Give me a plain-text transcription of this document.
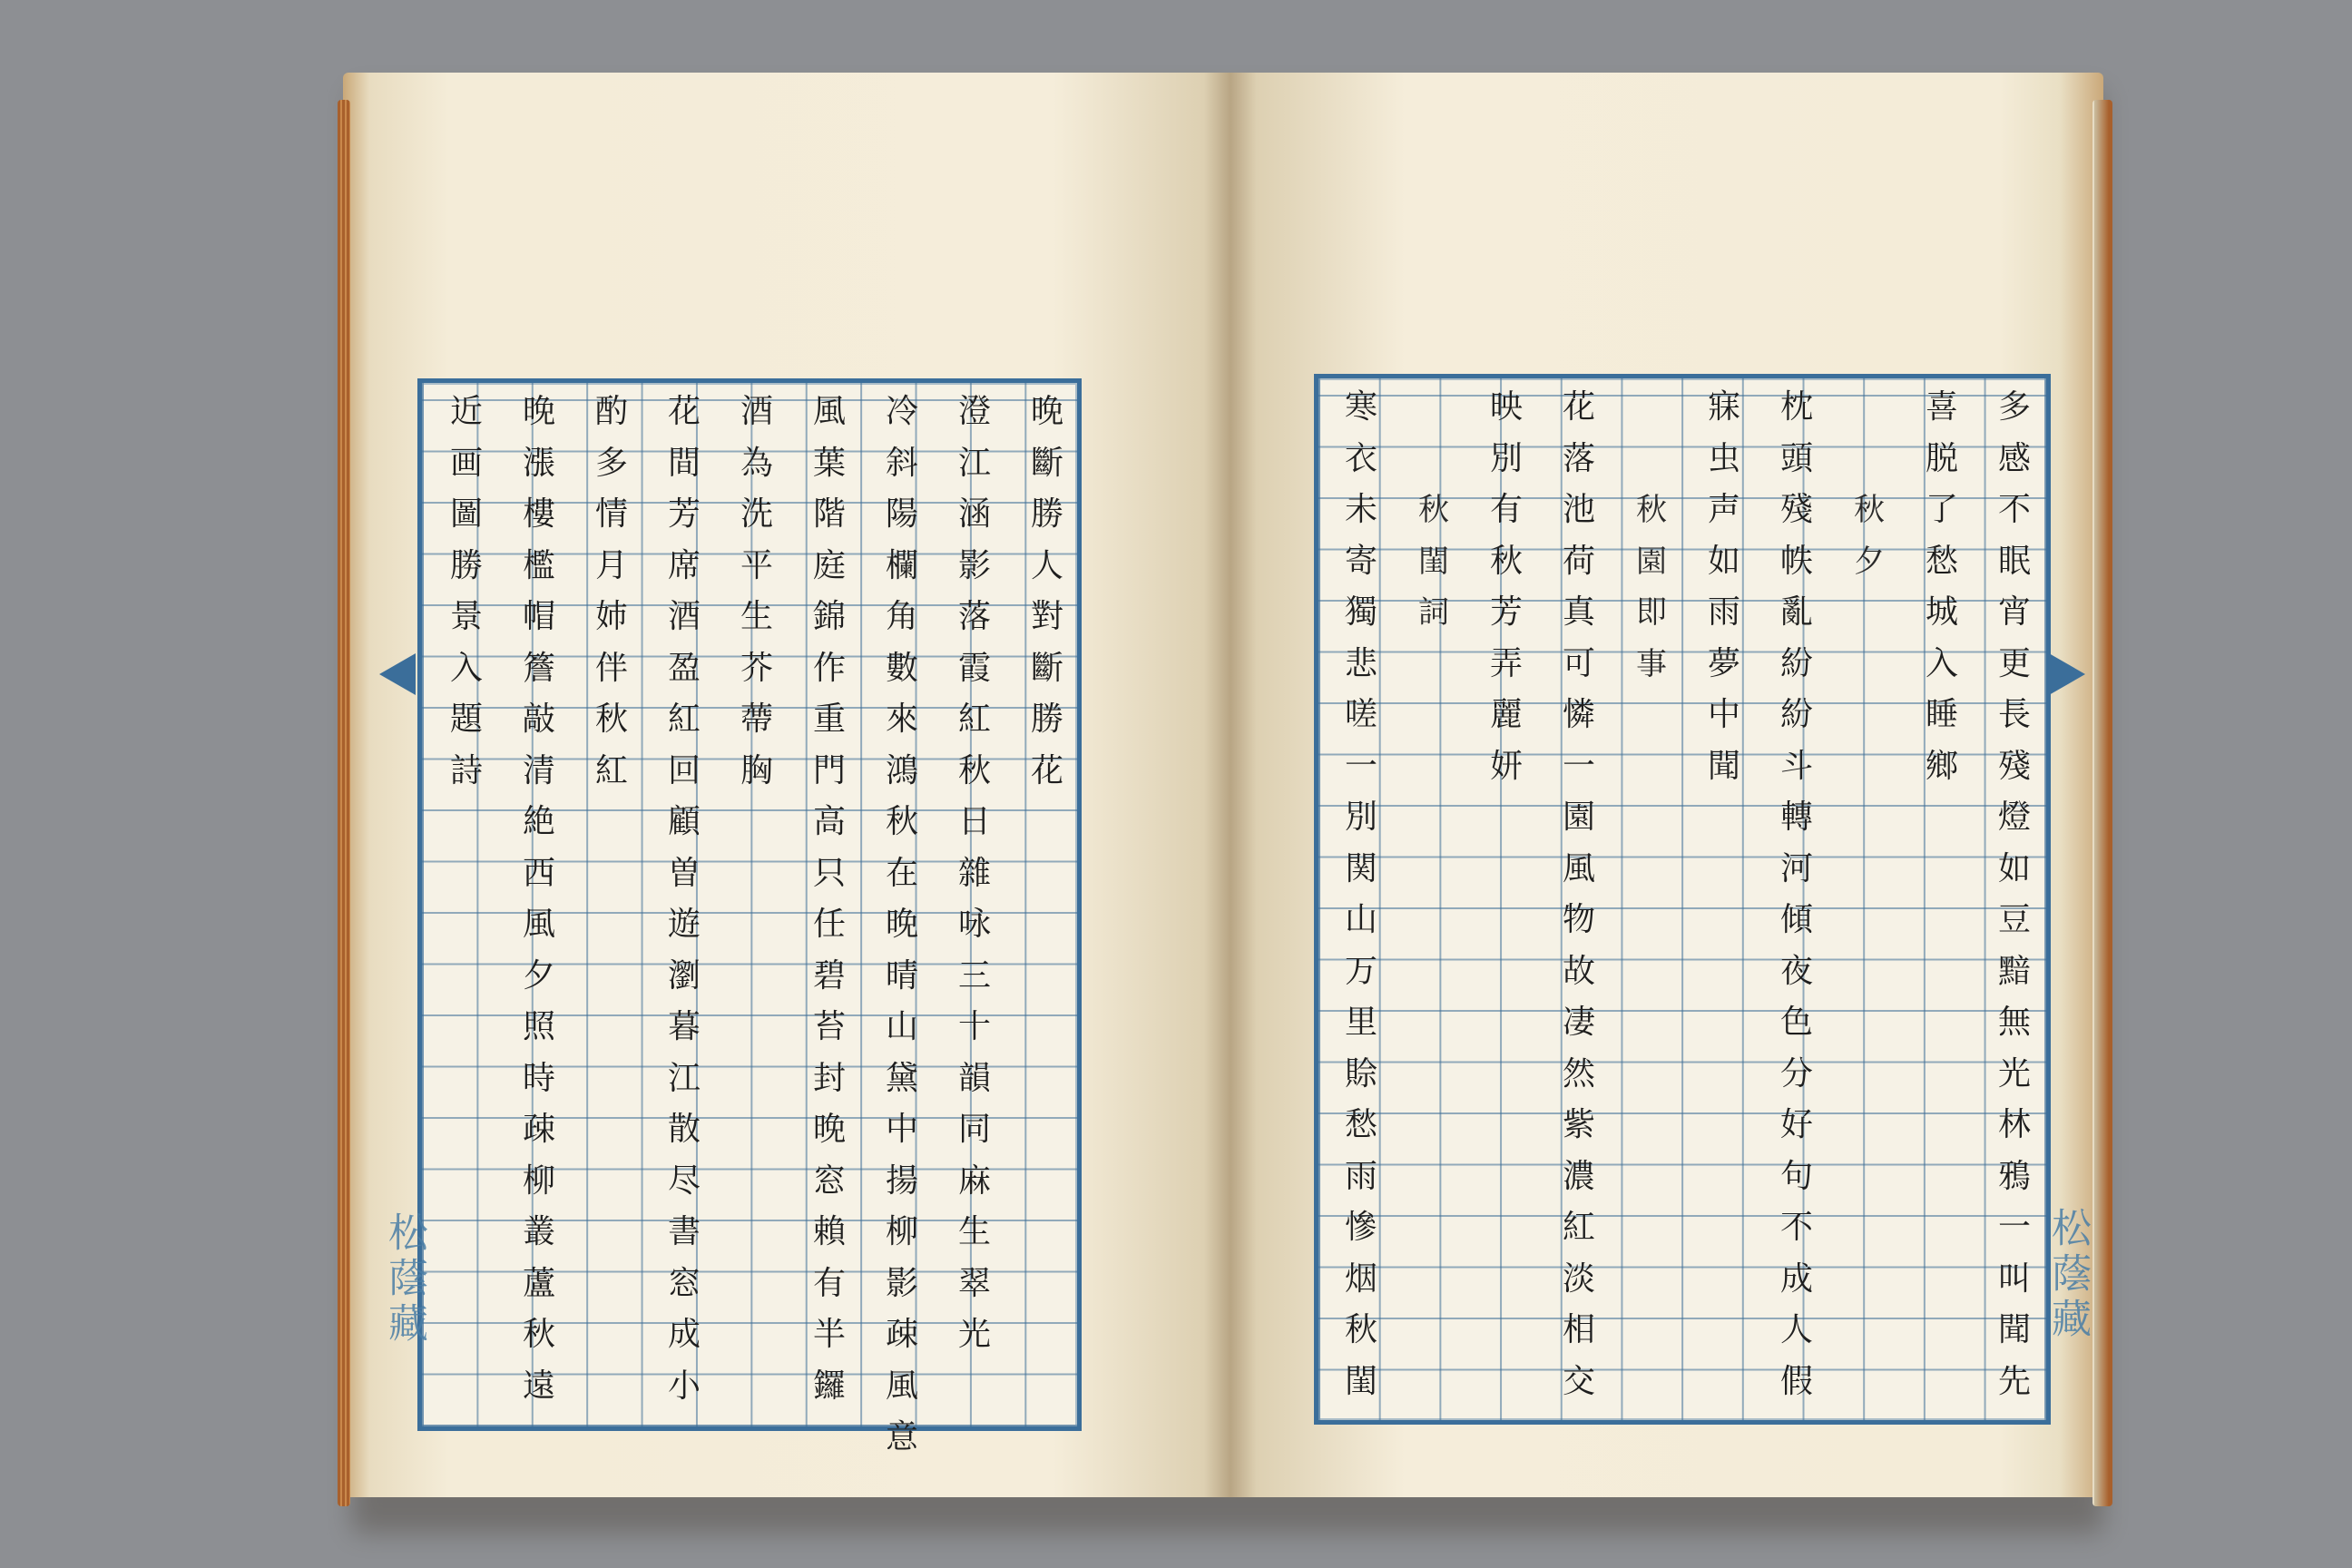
晚
斷
勝
人
對
斷
勝
花
澄
江
涵
影
落
霞
紅
秋
日
雜
咏
三
十
韻
同
麻
生
翠
光
冷
斜
陽
欄
角
數
來
鴻
秋
在
晚
晴
山
黛
中
揚
柳
影
疎
風
意
風
葉
階
庭
錦
作
重
門
高
只
任
碧
苔
封
晚
窓
賴
有
半
鑼
酒
為
洗
平
生
芥
蔕
胸
花
間
芳
席
酒
盈
紅
回
顧
曽
遊
瀏
暮
江
散
尽
書
窓
成
小
酌
多
情
月
姉
伴
秋
紅
晚
漲
樓
檻
帽
簷
敲
清
絶
西
風
夕
照
時
疎
柳
叢
蘆
秋
遠
近
画
圖
勝
景
入
題
詩
松蔭藏
多
感
不
眠
宵
更
長
殘
燈
如
豆
黯
無
光
林
鴉
一
叫
聞
先
喜
脱
了
愁
城
入
睡
鄉
秋
夕
枕
頭
殘
帙
亂
紛
紛
斗
轉
河
傾
夜
色
分
好
句
不
成
人
假
寐
虫
声
如
雨
夢
中
聞
秋
園
即
事
花
落
池
荷
真
可
憐
一
園
風
物
故
凄
然
紫
濃
紅
淡
相
交
映
別
有
秋
芳
弄
麗
妍
秋
閨
詞
寒
衣
未
寄
獨
悲
嗟
一
別
関
山
万
里
賒
愁
雨
慘
烟
秋
閨
松蔭藏
